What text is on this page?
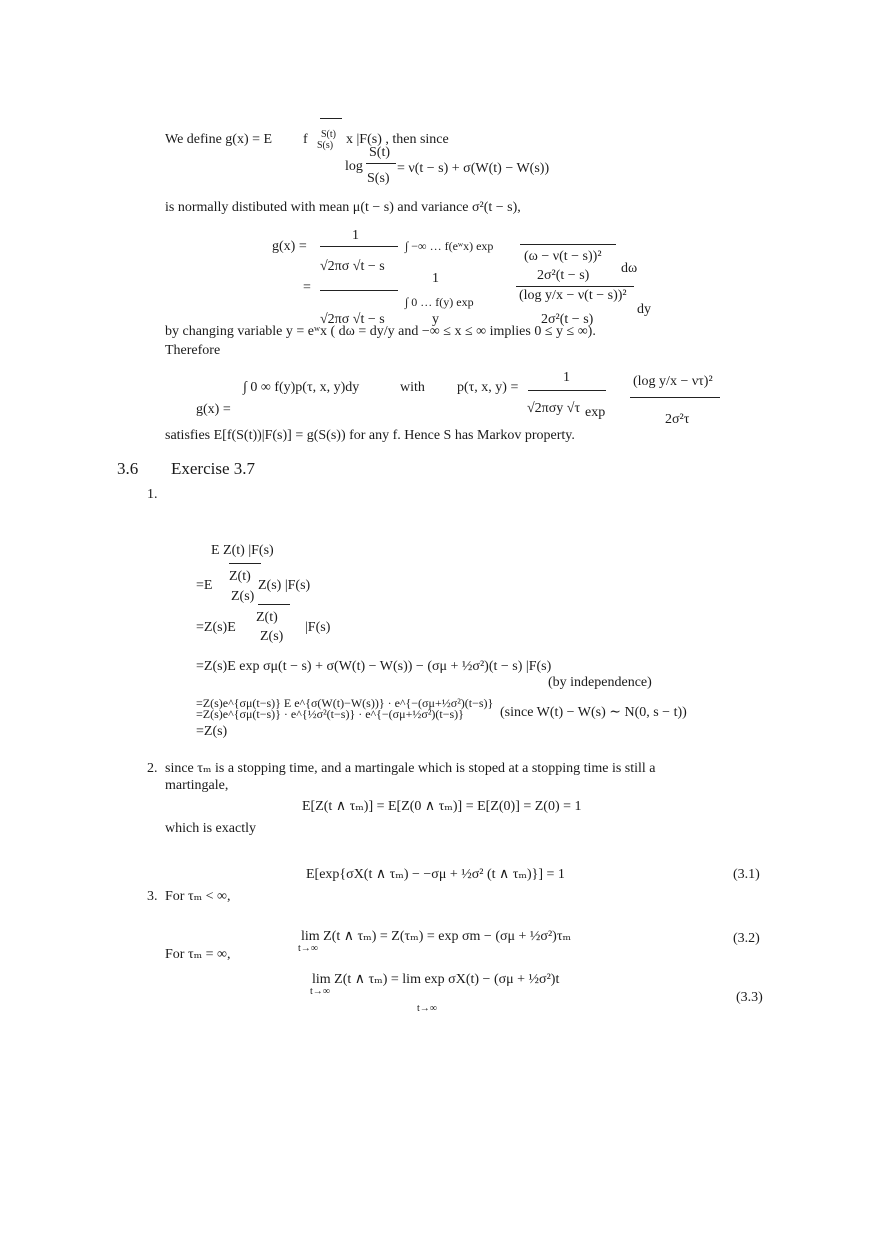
We define g(x) = E f S(t)
S(s) x |F(s) , then since
log
S(t)
S(s)
= ν(t − s) + σ(W(t) − W(s))
is normally distibuted with mean μ(t − s) and variance σ²(t − s),
g(x) =
1
√2πσ √t − s
∫ −∞ … f(eʷx) exp
(ω − ν(t − s))²
2σ²(t − s) dω
=
1
√2πσ √t − s
∫ 0 … f(y) exp	(log y/x − ν(t − s))²
2σ²(t − s)
dy
y
by changing variable y = eʷx ( dω = dy/y and −∞ ≤ x ≤ ∞ implies 0 ≤ y ≤ ∞).
Therefore
g(x) =
∫ 0 ∞ f(y)p(τ, x, y)dy	with p(τ, x, y) =
1
√2πσy √τ exp
(log y/x − ντ)²
2σ²τ
satisfies E[f(S(t))|F(s)] = g(S(s)) for any f. Hence S has Markov property.
3.6 Exercise 3.7
1.
E Z(t) |F(s)
=E
Z(t)
Z(s)
Z(s) |F(s)
=Z(s)E
Z(t)
Z(s)
|F(s)
=Z(s)E exp σμ(t − s) + σ(W(t) − W(s)) − (σμ + ½σ²)(t − s) |F(s)
(by independence)
=Z(s)e^{σμ(t−s)} E e^{σ(W(t)−W(s))} · e^{−(σμ+½σ²)(t−s)}
=Z(s)e^{σμ(t−s)} · e^{½σ²(t−s)} · e^{−(σμ+½σ²)(t−s)}	(since W(t) − W(s) ∼ N(0, s − t))
=Z(s)
2. since τₘ is a stopping time, and a martingale which is stoped at a stopping time is still a
martingale,
E[Z(t ∧ τₘ)] = E[Z(0 ∧ τₘ)] = E[Z(0)] = Z(0) = 1
which is exactly
E[exp{σX(t ∧ τₘ) − −σμ + ½σ² (t ∧ τₘ)}] = 1	(3.1)
3. For τₘ < ∞,
lim Z(t ∧ τₘ) = Z(τₘ) = exp σm − (σμ + ½σ²)τₘ
t→∞
(3.2)
For τₘ = ∞,
lim Z(t ∧ τₘ) = lim exp σX(t) − (σμ + ½σ²)t
t→∞
t→∞
(3.3)
